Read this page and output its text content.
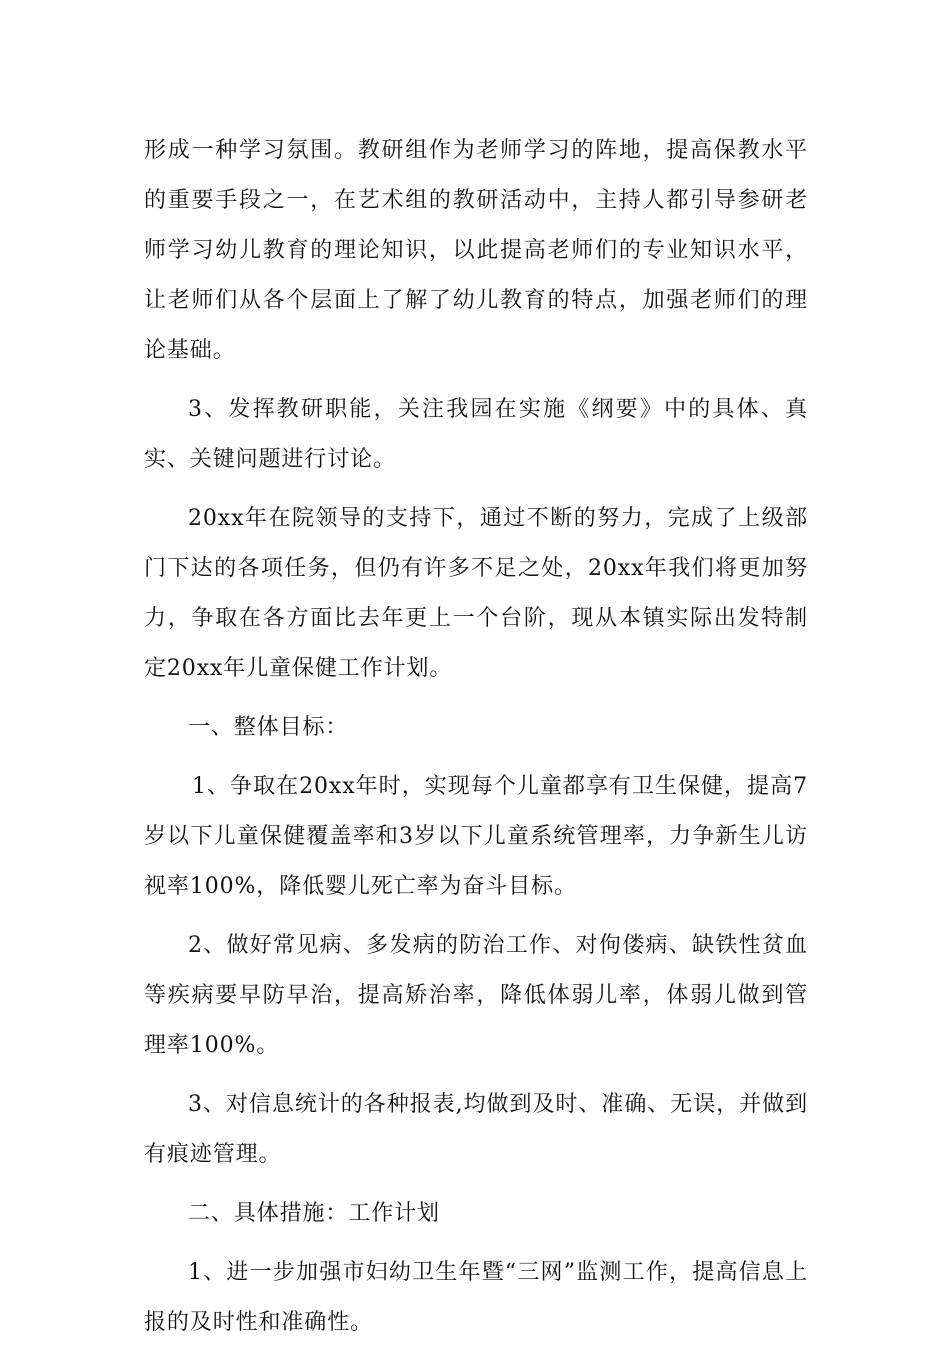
形成一种学习氛围。教研组作为老师学习的阵地，提高保教水平的重要手段之一，在艺术组的教研活动中，主持人都引导参研老师学习幼儿教育的理论知识，以此提高老师们的专业知识水平，让老师们从各个层面上了解了幼儿教育的特点，加强老师们的理论基础。

3、发挥教研职能，关注我园在实施《纲要》中的具体、真实、关键问题进行讨论。

20xx年在院领导的支持下，通过不断的努力，完成了上级部门下达的各项任务，但仍有许多不足之处，20xx年我们将更加努力，争取在各方面比去年更上一个台阶，现从本镇实际出发特制定20xx年儿童保健工作计划。

一、整体目标：

1、争取在20xx年时，实现每个儿童都享有卫生保健，提高7岁以下儿童保健覆盖率和3岁以下儿童系统管理率，力争新生儿访视率100%，降低婴儿死亡率为奋斗目标。

2、做好常见病、多发病的防治工作、对佝偻病、缺铁性贫血等疾病要早防早治，提高矫治率，降低体弱儿率，体弱儿做到管理率100%。

3、对信息统计的各种报表,均做到及时、准确、无误，并做到有痕迹管理。

二、具体措施：工作计划

1、进一步加强市妇幼卫生年暨“三网”监测工作，提高信息上报的及时性和准确性。
